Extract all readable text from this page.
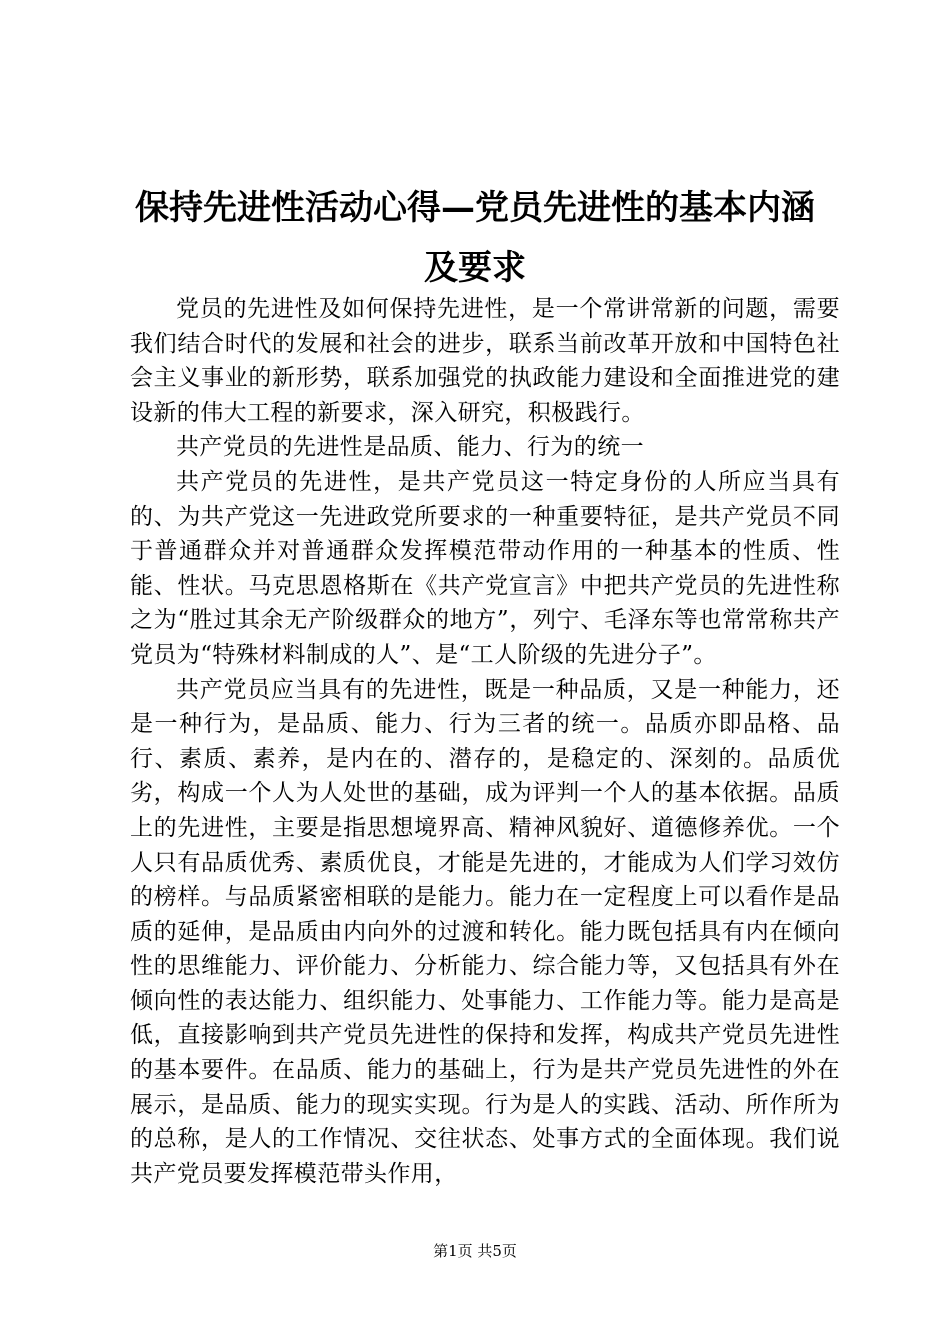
保持先进性活动心得—党员先进性的基本内涵
及要求

党员的先进性及如何保持先进性，是一个常讲常新的问题，需要我们结合时代的发展和社会的进步，联系当前改革开放和中国特色社会主义事业的新形势，联系加强党的执政能力建设和全面推进党的建设新的伟大工程的新要求，深入研究，积极践行。

共产党员的先进性是品质、能力、行为的统一

共产党员的先进性，是共产党员这一特定身份的人所应当具有的、为共产党这一先进政党所要求的一种重要特征，是共产党员不同于普通群众并对普通群众发挥模范带动作用的一种基本的性质、性能、性状。马克思恩格斯在《共产党宣言》中把共产党员的先进性称之为“胜过其余无产阶级群众的地方”，列宁、毛泽东等也常常称共产党员为“特殊材料制成的人”、是“工人阶级的先进分子”。

共产党员应当具有的先进性，既是一种品质，又是一种能力，还是一种行为，是品质、能力、行为三者的统一。品质亦即品格、品行、素质、素养，是内在的、潜存的，是稳定的、深刻的。品质优劣，构成一个人为人处世的基础，成为评判一个人的基本依据。品质上的先进性，主要是指思想境界高、精神风貌好、道德修养优。一个人只有品质优秀、素质优良，才能是先进的，才能成为人们学习效仿的榜样。与品质紧密相联的是能力。能力在一定程度上可以看作是品质的延伸，是品质由内向外的过渡和转化。能力既包括具有内在倾向性的思维能力、评价能力、分析能力、综合能力等，又包括具有外在倾向性的表达能力、组织能力、处事能力、工作能力等。能力是高是低，直接影响到共产党员先进性的保持和发挥，构成共产党员先进性的基本要件。在品质、能力的基础上，行为是共产党员先进性的外在展示，是品质、能力的现实实现。行为是人的实践、活动、所作所为的总称，是人的工作情况、交往状态、处事方式的全面体现。我们说共产党员要发挥模范带头作用，

第1页 共5页
